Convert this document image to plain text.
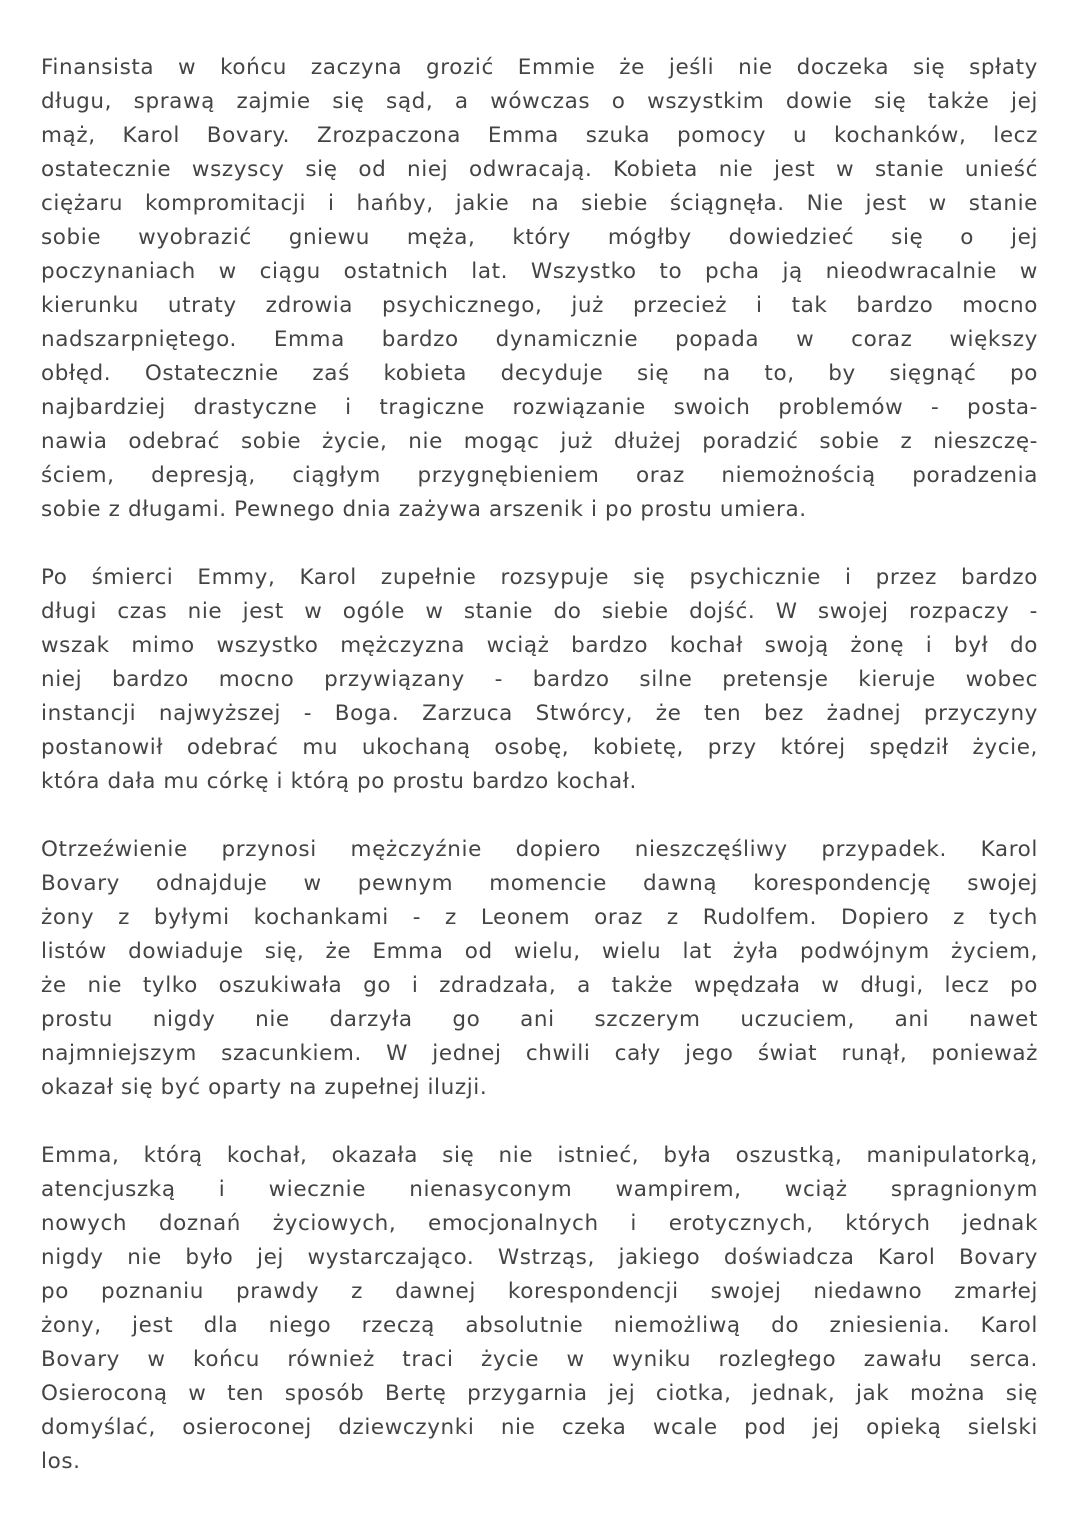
Finansista w końcu zaczyna grozić Emmie że jeśli nie doczeka się spłaty
długu, sprawą zajmie się sąd, a wówczas o wszystkim dowie się także jej
mąż, Karol Bovary. Zrozpaczona Emma szuka pomocy u kochanków, lecz
ostatecznie wszyscy się od niej odwracają. Kobieta nie jest w stanie unieść
ciężaru kompromitacji i hańby, jakie na siebie ściągnęła. Nie jest w stanie
sobie wyobrazić gniewu męża, który mógłby dowiedzieć się o jej
poczynaniach w ciągu ostatnich lat. Wszystko to pcha ją nieodwracalnie w
kierunku utraty zdrowia psychicznego, już przecież i tak bardzo mocno
nadszarpniętego. Emma bardzo dynamicznie popada w coraz większy
obłęd. Ostatecznie zaś kobieta decyduje się na to, by sięgnąć po
najbardziej drastyczne i tragiczne rozwiązanie swoich problemów - posta-
nawia odebrać sobie życie, nie mogąc już dłużej poradzić sobie z nieszczę-
ściem, depresją, ciągłym przygnębieniem oraz niemożnością poradzenia
sobie z długami. Pewnego dnia zażywa arszenik i po prostu umiera.
Po śmierci Emmy, Karol zupełnie rozsypuje się psychicznie i przez bardzo
długi czas nie jest w ogóle w stanie do siebie dojść. W swojej rozpaczy -
wszak mimo wszystko mężczyzna wciąż bardzo kochał swoją żonę i był do
niej bardzo mocno przywiązany - bardzo silne pretensje kieruje wobec
instancji najwyższej - Boga. Zarzuca Stwórcy, że ten bez żadnej przyczyny
postanowił odebrać mu ukochaną osobę, kobietę, przy której spędził życie,
która dała mu córkę i którą po prostu bardzo kochał.
Otrzeźwienie przynosi mężczyźnie dopiero nieszczęśliwy przypadek. Karol
Bovary odnajduje w pewnym momencie dawną korespondencję swojej
żony z byłymi kochankami - z Leonem oraz z Rudolfem. Dopiero z tych
listów dowiaduje się, że Emma od wielu, wielu lat żyła podwójnym życiem,
że nie tylko oszukiwała go i zdradzała, a także wpędzała w długi, lecz po
prostu nigdy nie darzyła go ani szczerym uczuciem, ani nawet
najmniejszym szacunkiem. W jednej chwili cały jego świat runął, ponieważ
okazał się być oparty na zupełnej iluzji.
Emma, którą kochał, okazała się nie istnieć, była oszustką, manipulatorką,
atencjuszką i wiecznie nienasyconym wampirem, wciąż spragnionym
nowych doznań życiowych, emocjonalnych i erotycznych, których jednak
nigdy nie było jej wystarczająco. Wstrząs, jakiego doświadcza Karol Bovary
po poznaniu prawdy z dawnej korespondencji swojej niedawno zmarłej
żony, jest dla niego rzeczą absolutnie niemożliwą do zniesienia. Karol
Bovary w końcu również traci życie w wyniku rozległego zawału serca.
Osieroconą w ten sposób Bertę przygarnia jej ciotka, jednak, jak można się
domyślać, osieroconej dziewczynki nie czeka wcale pod jej opieką sielski
los.
